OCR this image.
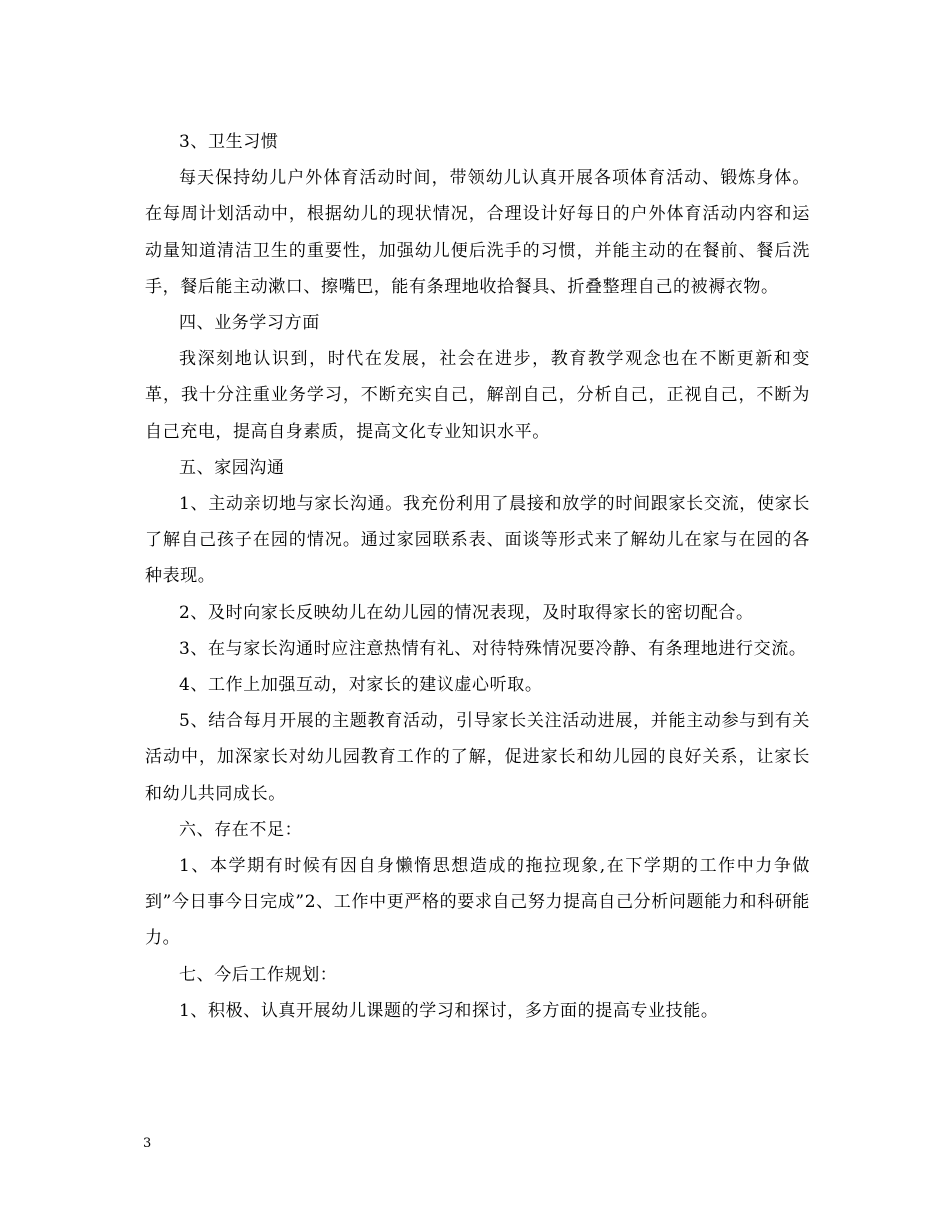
3、卫生习惯

每天保持幼儿户外体育活动时间，带领幼儿认真开展各项体育活动、锻炼身体。在每周计划活动中，根据幼儿的现状情况，合理设计好每日的户外体育活动内容和运动量知道清洁卫生的重要性，加强幼儿便后洗手的习惯，并能主动的在餐前、餐后洗手，餐后能主动漱口、擦嘴巴，能有条理地收拾餐具、折叠整理自己的被褥衣物。

四、业务学习方面

我深刻地认识到，时代在发展，社会在进步，教育教学观念也在不断更新和变革，我十分注重业务学习，不断充实自己，解剖自己，分析自己，正视自己，不断为自己充电，提高自身素质，提高文化专业知识水平。

五、家园沟通

1、主动亲切地与家长沟通。我充份利用了晨接和放学的时间跟家长交流，使家长了解自己孩子在园的情况。通过家园联系表、面谈等形式来了解幼儿在家与在园的各种表现。

2、及时向家长反映幼儿在幼儿园的情况表现，及时取得家长的密切配合。

3、在与家长沟通时应注意热情有礼、对待特殊情况要冷静、有条理地进行交流。

4、工作上加强互动，对家长的建议虚心听取。

5、结合每月开展的主题教育活动，引导家长关注活动进展，并能主动参与到有关活动中，加深家长对幼儿园教育工作的了解，促进家长和幼儿园的良好关系，让家长和幼儿共同成长。

六、存在不足：

1、本学期有时候有因自身懒惰思想造成的拖拉现象,在下学期的工作中力争做到”今日事今日完成”2、工作中更严格的要求自己努力提高自己分析问题能力和科研能力。

七、今后工作规划：

1、积极、认真开展幼儿课题的学习和探讨，多方面的提高专业技能。

3
